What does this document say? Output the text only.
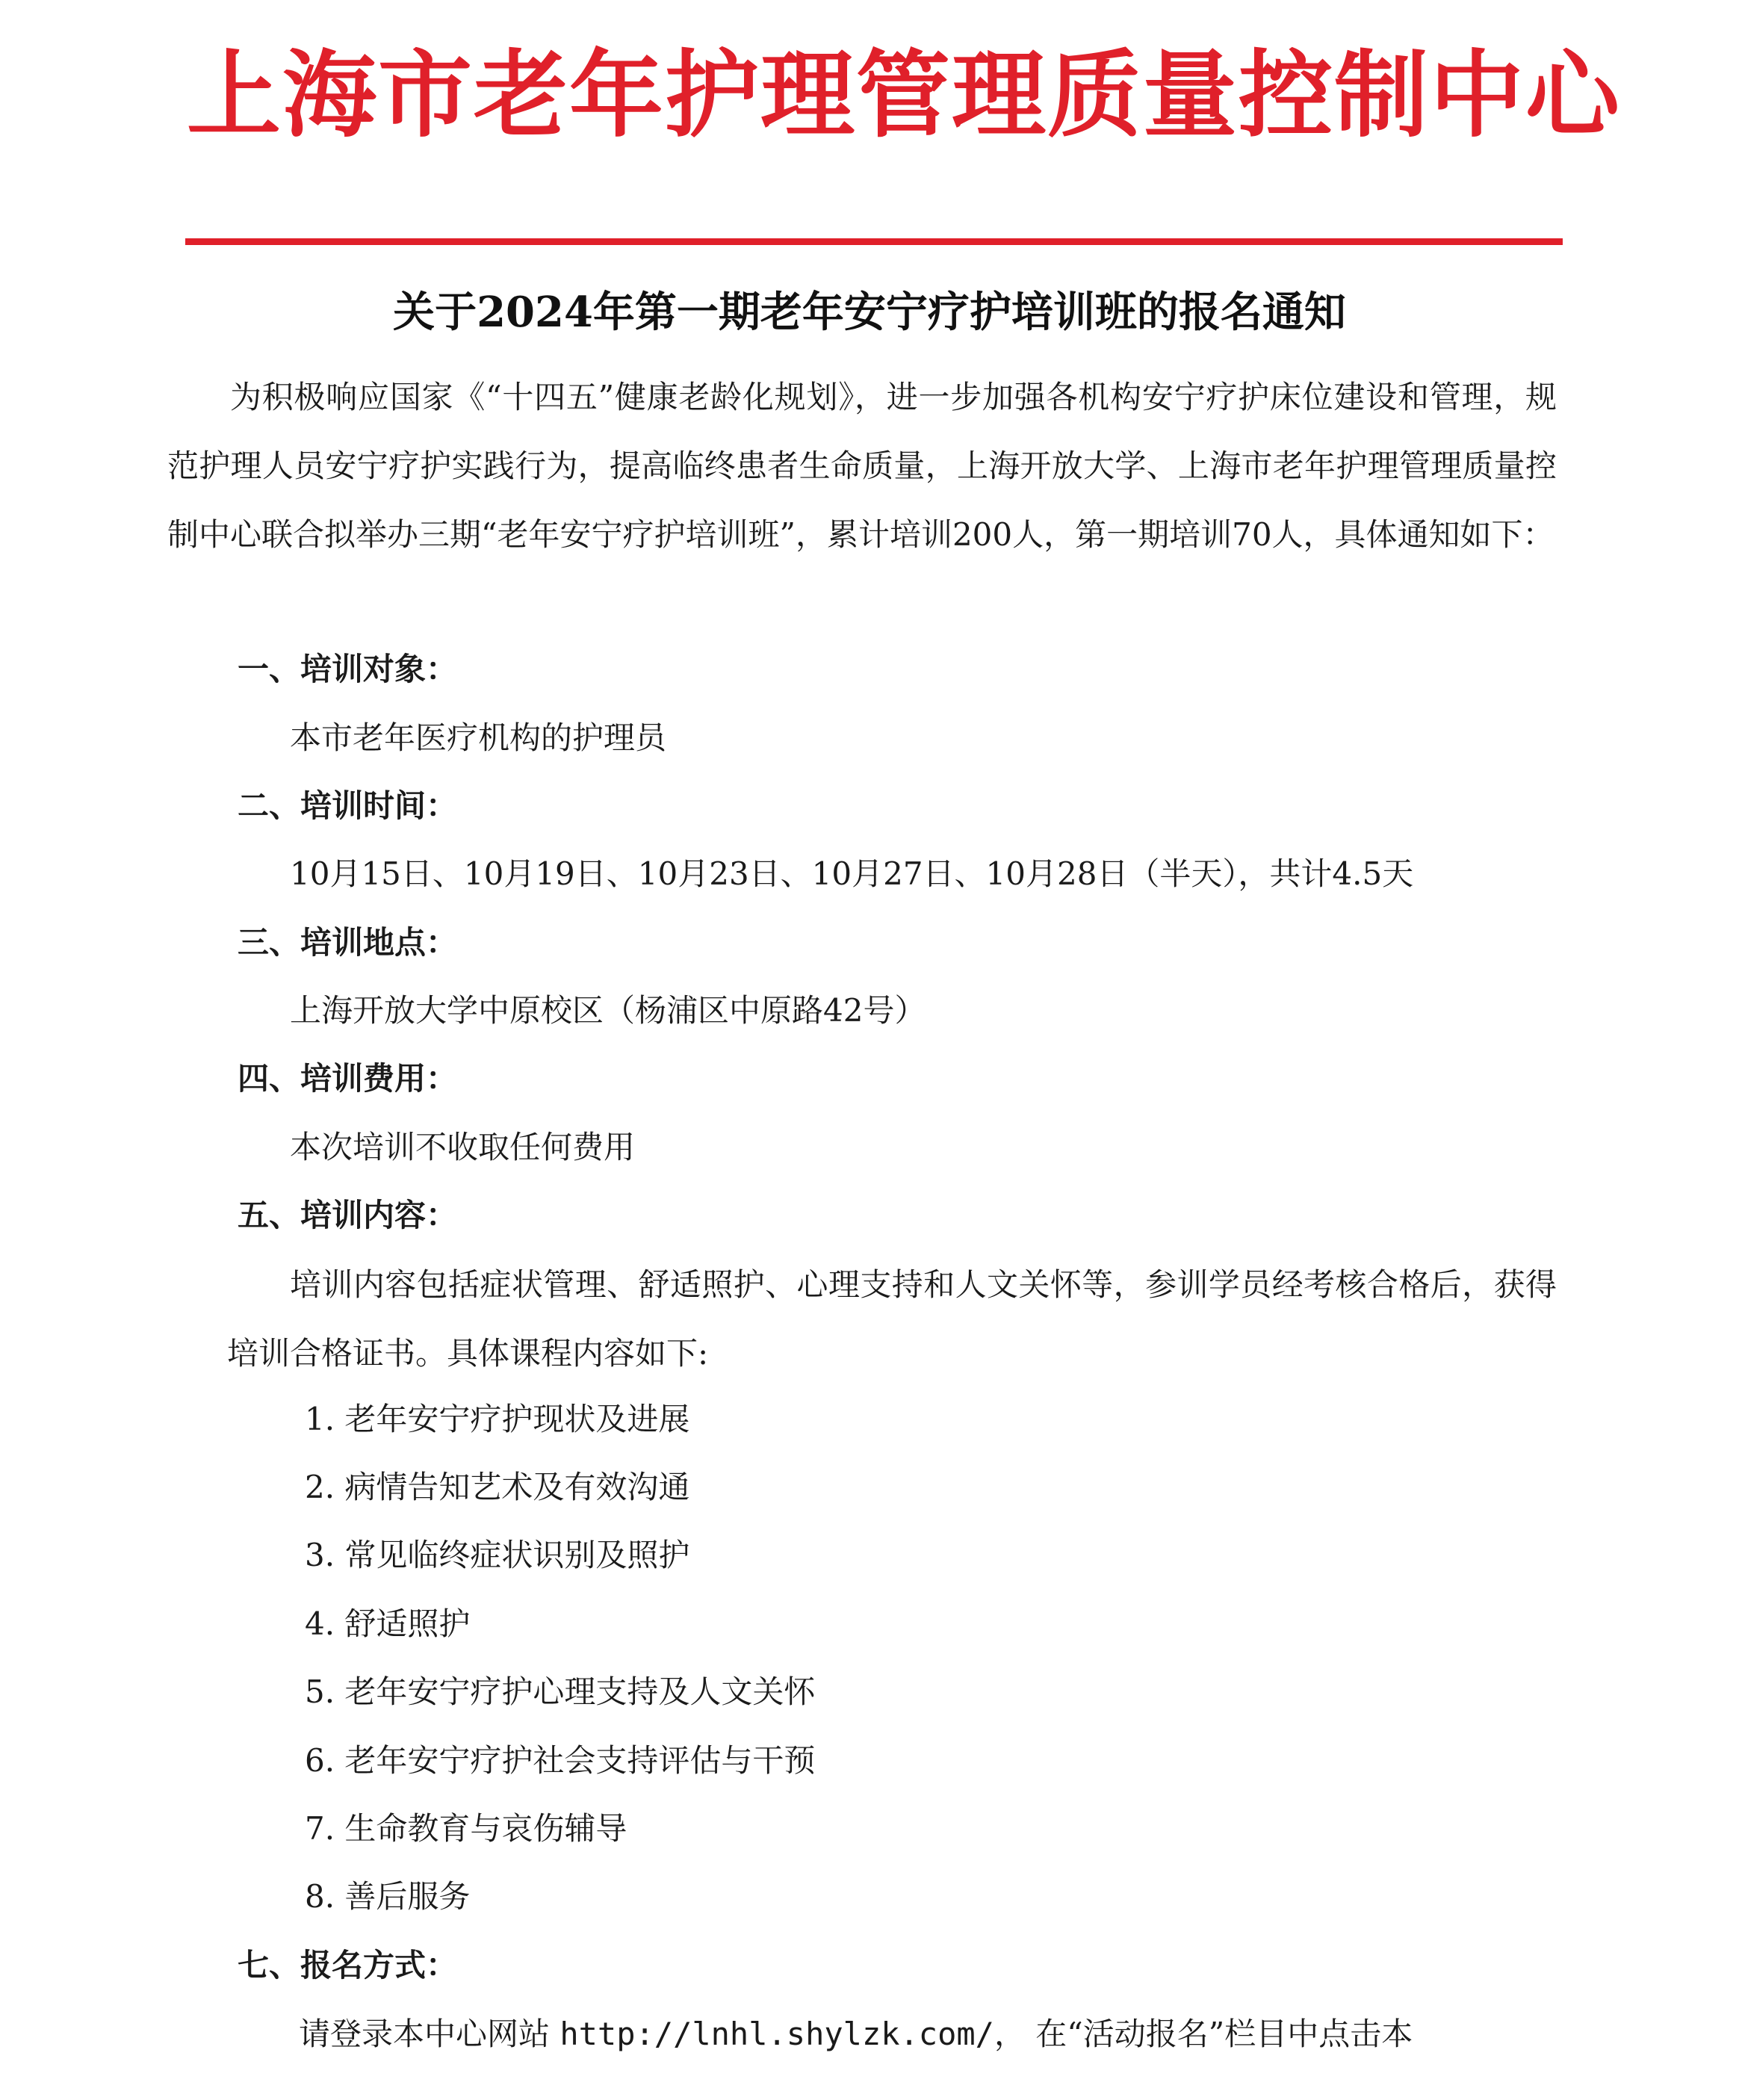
上海市老年护理管理质量控制中心
关于2024年第一期老年安宁疗护培训班的报名通知

为积极响应国家《“十四五”健康老龄化规划》，进一步加强各机构安宁疗护床位建设和管理，规范护理人员安宁疗护实践行为，提高临终患者生命质量，上海开放大学、上海市老年护理管理质量控制中心联合拟举办三期“老年安宁疗护培训班”，累计培训200人，第一期培训70人，具体通知如下：

一、培训对象：
本市老年医疗机构的护理员
二、培训时间：
10月15日、10月19日、10月23日、10月27日、10月28日（半天），共计4.5天
三、培训地点：
上海开放大学中原校区（杨浦区中原路42号）
四、培训费用：
本次培训不收取任何费用
五、培训内容：

培训内容包括症状管理、舒适照护、心理支持和人文关怀等，参训学员经考核合格后，获得培训合格证书。具体课程内容如下:

1. 老年安宁疗护现状及进展
2. 病情告知艺术及有效沟通
3. 常见临终症状识别及照护
4. 舒适照护
5. 老年安宁疗护心理支持及人文关怀
6. 老年安宁疗护社会支持评估与干预
7. 生命教育与哀伤辅导
8. 善后服务
七、报名方式：
请登录本中心网站 http://lnhl.shylzk.com/， 在“活动报名”栏目中点击本
